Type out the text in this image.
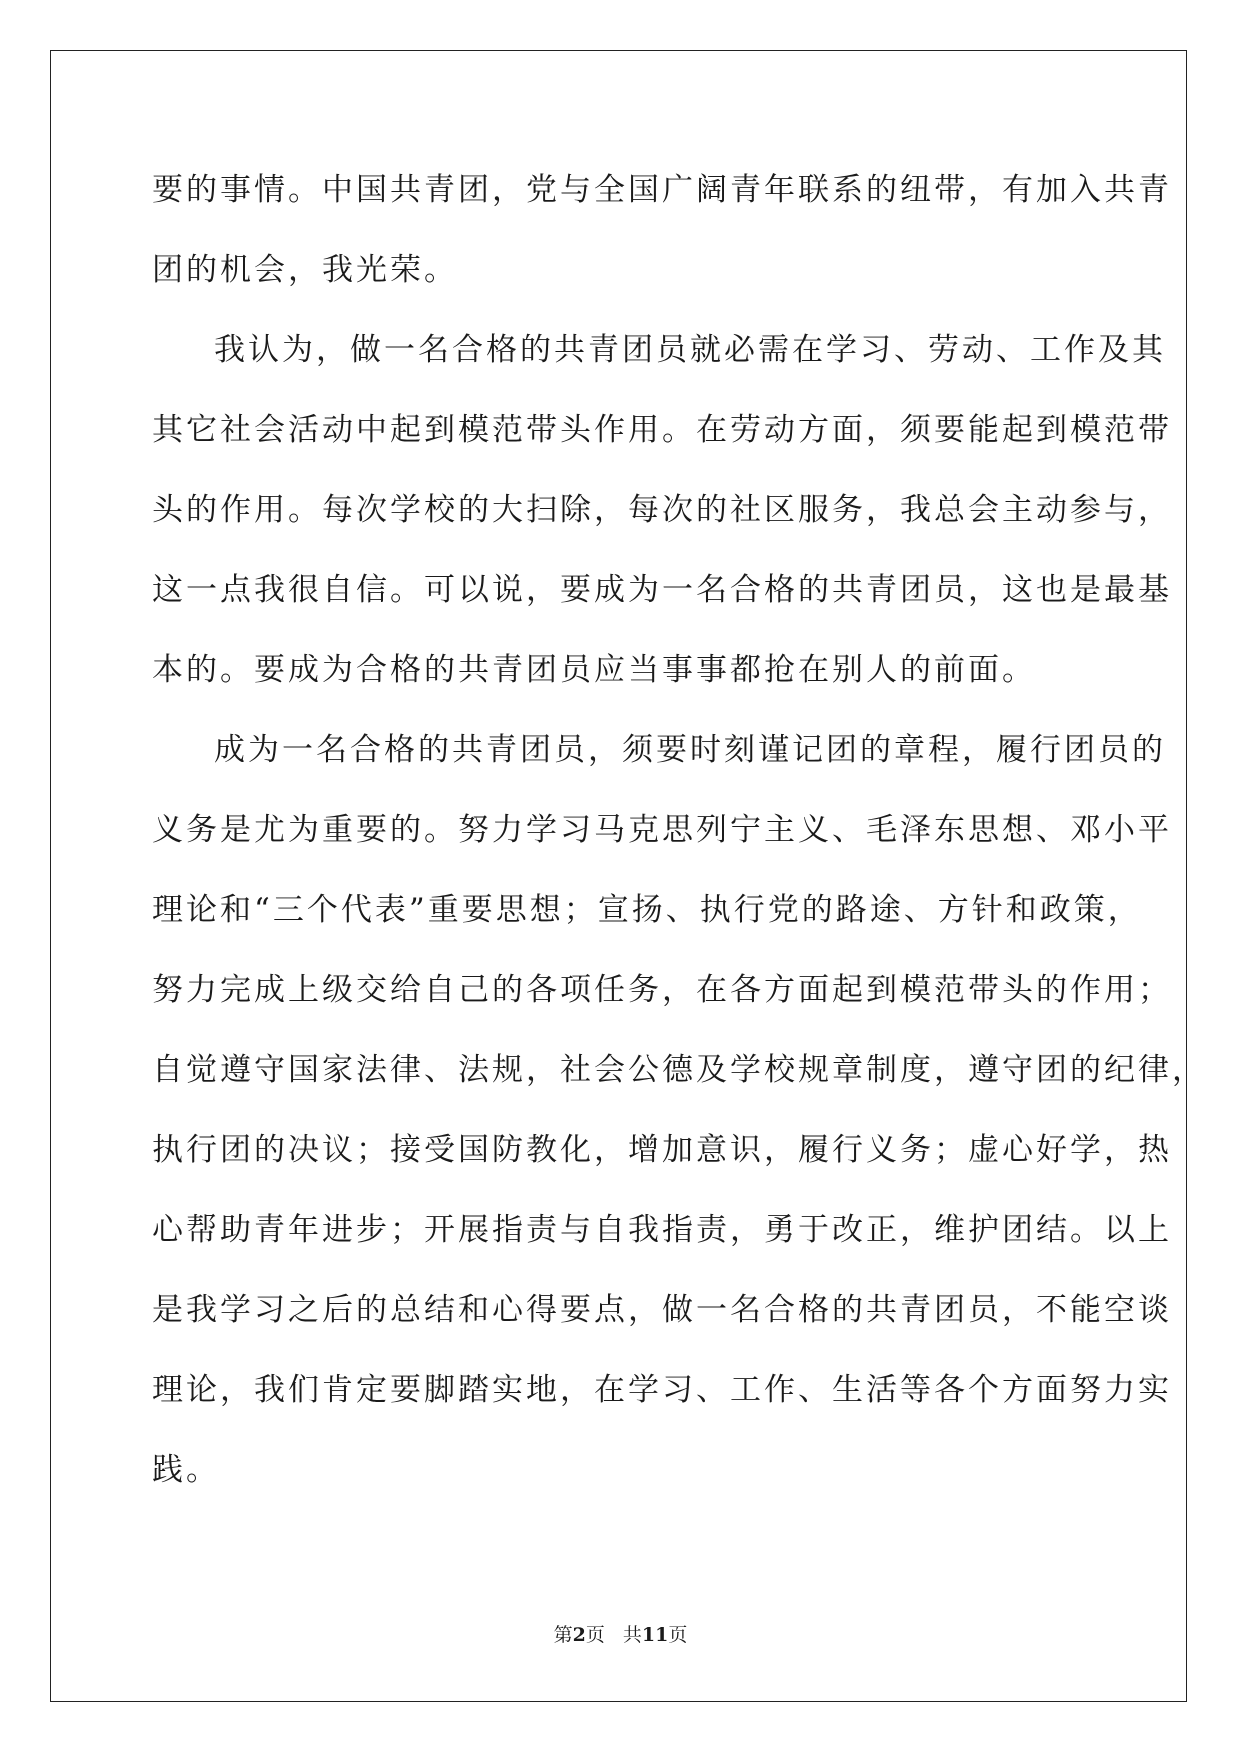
要的事情。中国共青团，党与全国广阔青年联系的纽带，有加入共青
团的机会，我光荣。
我认为，做一名合格的共青团员就必需在学习、劳动、工作及其
其它社会活动中起到模范带头作用。在劳动方面，须要能起到模范带
头的作用。每次学校的大扫除，每次的社区服务，我总会主动参与，
这一点我很自信。可以说，要成为一名合格的共青团员，这也是最基
本的。要成为合格的共青团员应当事事都抢在别人的前面。
成为一名合格的共青团员，须要时刻谨记团的章程，履行团员的
义务是尤为重要的。努力学习马克思列宁主义、毛泽东思想、邓小平
理论和“三个代表”重要思想；宣扬、执行党的路途、方针和政策，
努力完成上级交给自己的各项任务，在各方面起到模范带头的作用；
自觉遵守国家法律、法规，社会公德及学校规章制度，遵守团的纪律，
执行团的决议；接受国防教化，增加意识，履行义务；虚心好学，热
心帮助青年进步；开展指责与自我指责，勇于改正，维护团结。以上
是我学习之后的总结和心得要点，做一名合格的共青团员，不能空谈
理论，我们肯定要脚踏实地，在学习、工作、生活等各个方面努力实
践。
第2页 共11页
